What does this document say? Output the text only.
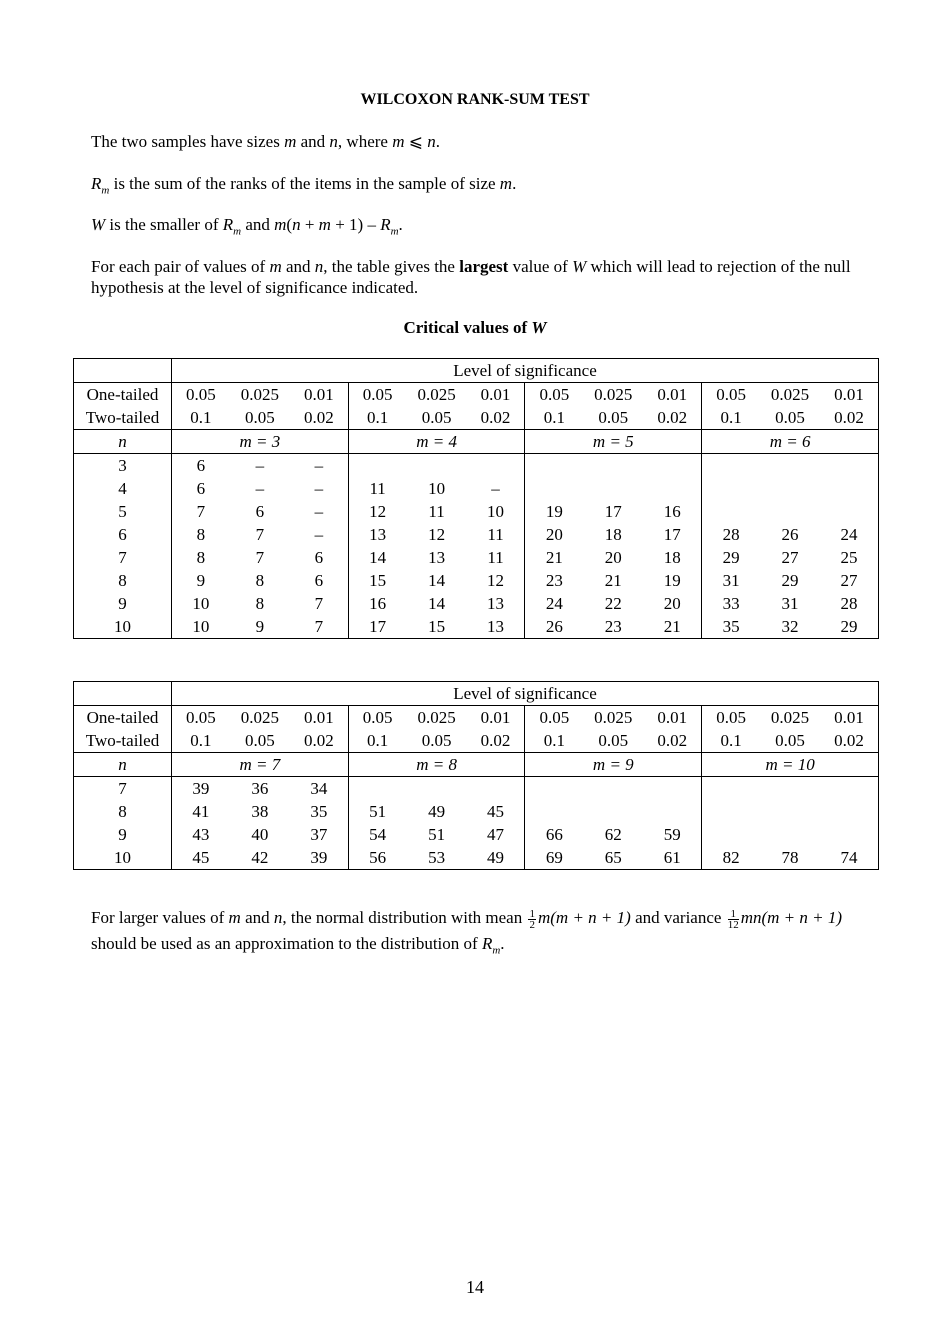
WILCOXON RANK-SUM TEST
The two samples have sizes m and n, where m ⩽ n.
$R_m$ is the sum of the ranks of the items in the sample of size m.
W is the smaller of $R_m$ and $m(n + m + 1) - R_m$.
For each pair of values of m and n, the table gives the largest value of W which will lead to rejection of the null hypothesis at the level of significance indicated.
Critical values of W
	Level of significance											
One-tailed	0.05	0.025	0.01	0.05	0.025	0.01	0.05	0.025	0.01	0.05	0.025	0.01
Two-tailed	0.1	0.05	0.02	0.1	0.05	0.02	0.1	0.05	0.02	0.1	0.05	0.02
n	m = 3			m = 4			m = 5			m = 6		
3	6	–	–									
4	6	–	–	11	10	–						
5	7	6	–	12	11	10	19	17	16			
6	8	7	–	13	12	11	20	18	17	28	26	24
7	8	7	6	14	13	11	21	20	18	29	27	25
8	9	8	6	15	14	12	23	21	19	31	29	27
9	10	8	7	16	14	13	24	22	20	33	31	28
10	10	9	7	17	15	13	26	23	21	35	32	29
	Level of significance											
One-tailed	0.05	0.025	0.01	0.05	0.025	0.01	0.05	0.025	0.01	0.05	0.025	0.01
Two-tailed	0.1	0.05	0.02	0.1	0.05	0.02	0.1	0.05	0.02	0.1	0.05	0.02
n	m = 7			m = 8			m = 9			m = 10		
7	39	36	34									
8	41	38	35	51	49	45						
9	43	40	37	54	51	47	66	62	59			
10	45	42	39	56	53	49	69	65	61	82	78	74
For larger values of m and n, the normal distribution with mean $\frac{1}{2} m(m + n + 1)$ and variance $\frac{1}{12} mn(m + n + 1)$ should be used as an approximation to the distribution of $R_m$.
14
